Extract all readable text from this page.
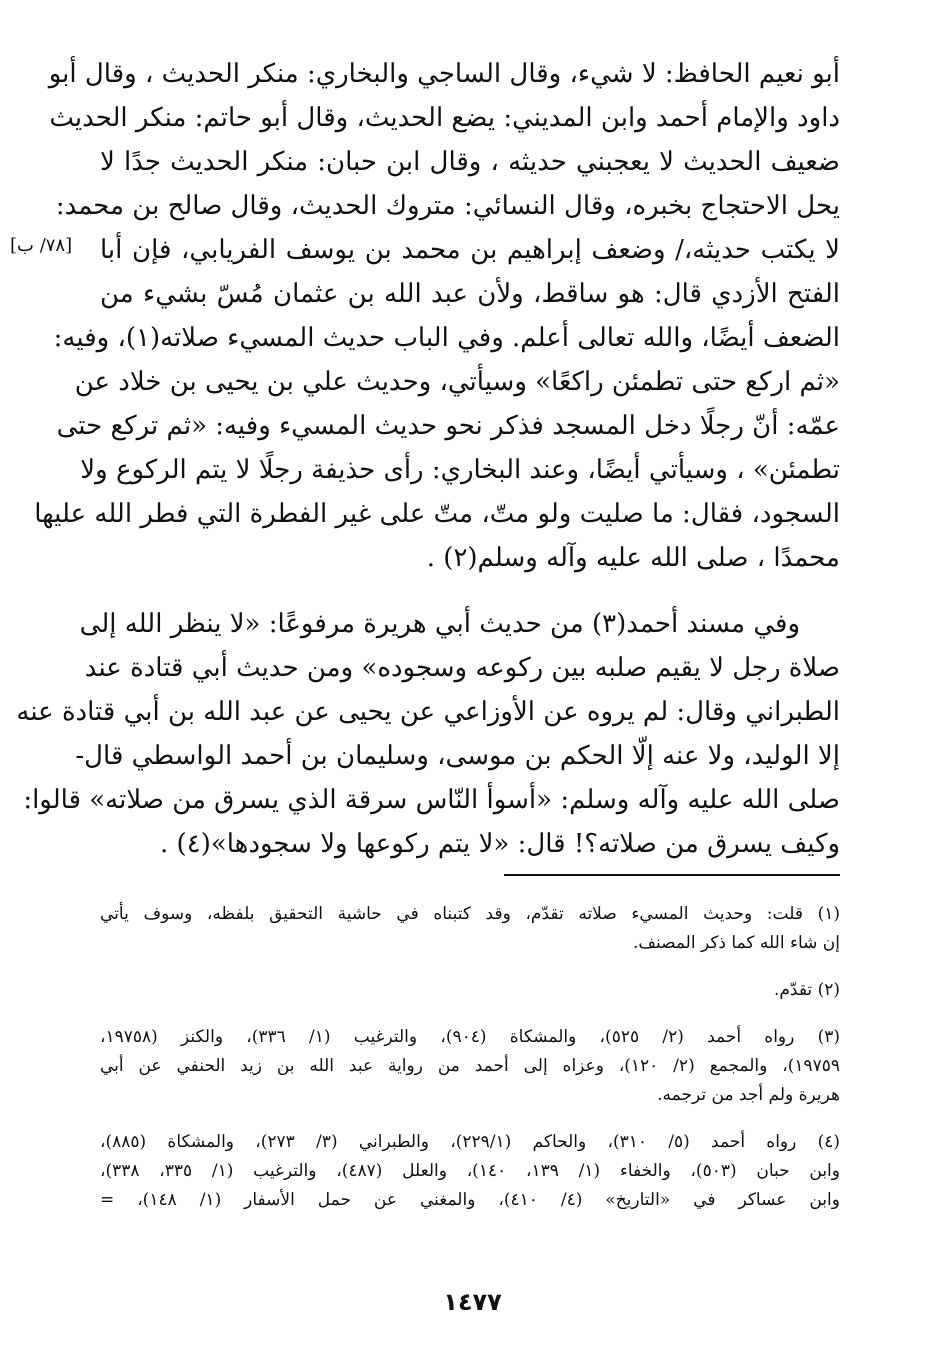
[٧٨/ ب]
أبو نعيم الحافظ: لا شيء، وقال الساجي والبخاري: منكر الحديث ، وقال أبو
داود والإمام أحمد وابن المديني: يضع الحديث، وقال أبو حاتم: منكر الحديث
ضعيف الحديث لا يعجبني حديثه ، وقال ابن حبان: منكر الحديث جدًا لا
يحل الاحتجاج بخبره، وقال النسائي: متروك الحديث، وقال صالح بن محمد:
لا يكتب حديثه،/ وضعف إبراهيم بن محمد بن يوسف الفريابي، فإن أبا
الفتح الأزدي قال: هو ساقط، ولأن عبد الله بن عثمان مُسّ بشيء من
الضعف أيضًا، والله تعالى أعلم. وفي الباب حديث المسيء صلاته(١)، وفيه:
«ثم اركع حتى تطمئن راكعًا» وسيأتي، وحديث علي بن يحيى بن خلاد عن
عمّه: أنّ رجلًا دخل المسجد فذكر نحو حديث المسيء وفيه: «ثم تركع حتى
تطمئن» ، وسيأتي أيضًا، وعند البخاري: رأى حذيفة رجلًا لا يتم الركوع ولا
السجود، فقال: ما صليت ولو متّ، متّ على غير الفطرة التي فطر الله عليها
محمدًا ، صلى الله عليه وآله وسلم(٢) .
وفي مسند أحمد(٣) من حديث أبي هريرة مرفوعًا: «لا ينظر الله إلى
صلاة رجل لا يقيم صلبه بين ركوعه وسجوده» ومن حديث أبي قتادة عند
الطبراني وقال: لم يروه عن الأوزاعي عن يحيى عن عبد الله بن أبي قتادة عنه
إلا الوليد، ولا عنه إلّا الحكم بن موسى، وسليمان بن أحمد الواسطي قال-
صلى الله عليه وآله وسلم: «أسوأ النّاس سرقة الذي يسرق من صلاته» قالوا:
وكيف يسرق من صلاته؟! قال: «لا يتم ركوعها ولا سجودها»(٤) .
(١) قلت: وحديث المسيء صلاته تقدّم، وقد كتبناه في حاشية التحقيق بلفظه، وسوف يأتي
إن شاء الله كما ذكر المصنف.
(٢) تقدّم.
(٣) رواه أحمد (٢/ ٥٢٥)، والمشكاة (٩٠٤)، والترغيب (١/ ٣٣٦)، والكنز (١٩٧٥٨،
١٩٧٥٩)، والمجمع (٢/ ١٢٠)، وعزاه إلى أحمد من رواية عبد الله بن زيد الحنفي عن أبي
هريرة ولم أجد من ترجمه.
(٤) رواه أحمد (٥/ ٣١٠)، والحاكم (٢٢٩/١)، والطبراني (٣/ ٢٧٣)، والمشكاة (٨٨٥)،
وابن حبان (٥٠٣)، والخفاء (١/ ١٣٩، ١٤٠)، والعلل (٤٨٧)، والترغيب (١/ ٣٣٥، ٣٣٨)،
وابن عساكر في «التاريخ» (٤/ ٤١٠)، والمغني عن حمل الأسفار (١/ ١٤٨)، =
١٤٧٧
